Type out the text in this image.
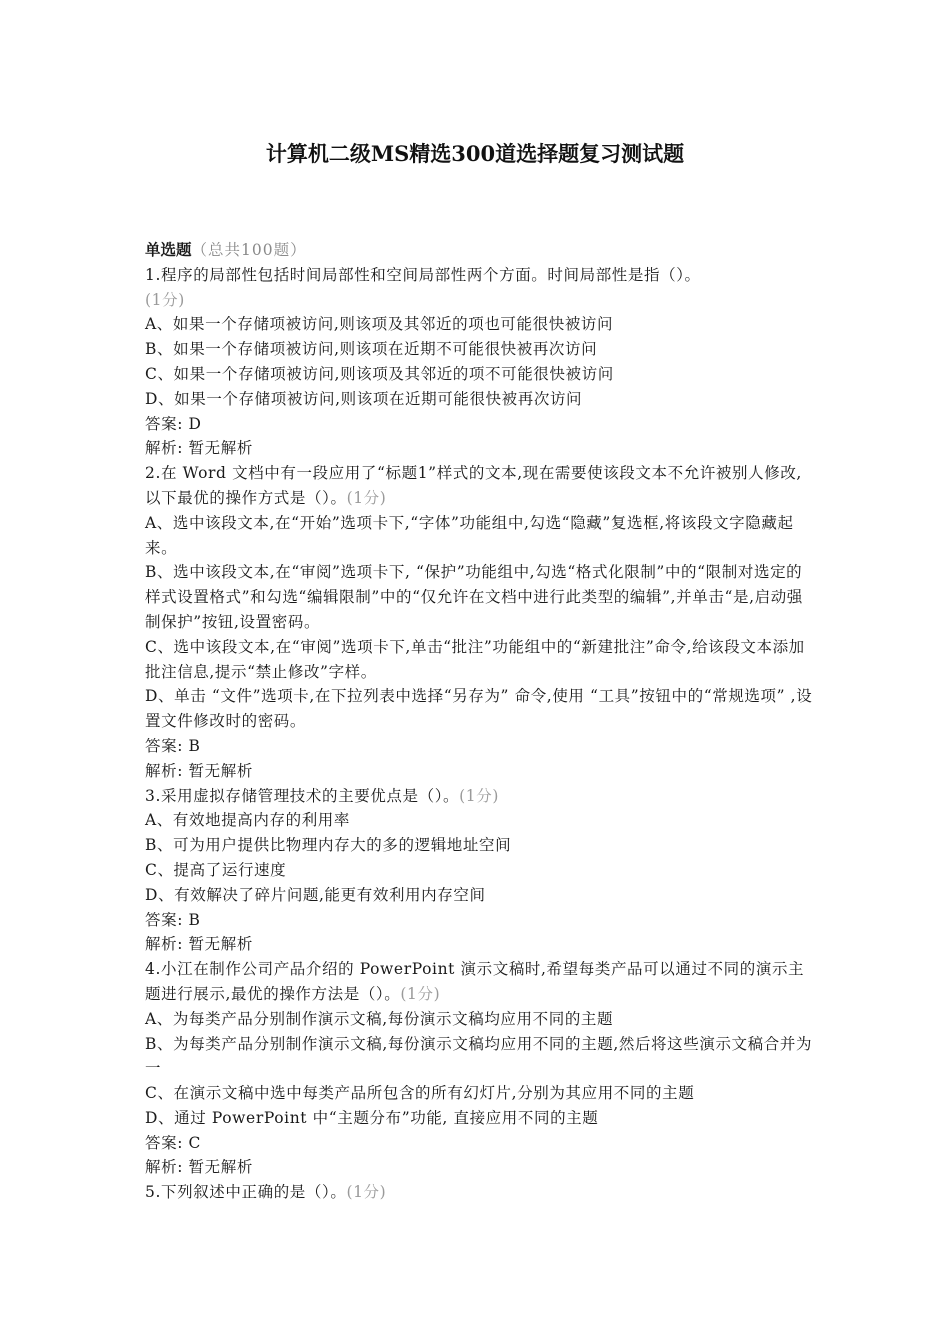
计算机二级MS精选300道选择题复习测试题
单选题（总共100题）
1.程序的局部性包括时间局部性和空间局部性两个方面。时间局部性是指（）。
(1分)
A、如果一个存储项被访问,则该项及其邻近的项也可能很快被访问
B、如果一个存储项被访问,则该项在近期不可能很快被再次访问
C、如果一个存储项被访问,则该项及其邻近的项不可能很快被访问
D、如果一个存储项被访问,则该项在近期可能很快被再次访问
答案: D
解析: 暂无解析
2.在 Word 文档中有一段应用了“标题1”样式的文本,现在需要使该段文本不允许被别人修改,以下最优的操作方式是（）。(1分)
A、选中该段文本,在“开始”选项卡下,“字体”功能组中,勾选“隐藏”复选框,将该段文字隐藏起来。
B、选中该段文本,在“审阅”选项卡下, “保护”功能组中,勾选“格式化限制”中的“限制对选定的样式设置格式”和勾选“编辑限制”中的“仅允许在文档中进行此类型的编辑”,并单击“是,启动强制保护”按钮,设置密码。
C、选中该段文本,在“审阅”选项卡下,单击“批注”功能组中的“新建批注”命令,给该段文本添加批注信息,提示“禁止修改”字样。
D、单击 “文件”选项卡,在下拉列表中选择“另存为” 命令,使用 “工具”按钮中的“常规选项” ,设置文件修改时的密码。
答案: B
解析: 暂无解析
3.采用虚拟存储管理技术的主要优点是（）。(1分)
A、有效地提高内存的利用率
B、可为用户提供比物理内存大的多的逻辑地址空间
C、提高了运行速度
D、有效解决了碎片问题,能更有效利用内存空间
答案: B
解析: 暂无解析
4.小江在制作公司产品介绍的 PowerPoint 演示文稿时,希望每类产品可以通过不同的演示主题进行展示,最优的操作方法是（）。(1分)
A、为每类产品分别制作演示文稿,每份演示文稿均应用不同的主题
B、为每类产品分别制作演示文稿,每份演示文稿均应用不同的主题,然后将这些演示文稿合并为一
C、在演示文稿中选中每类产品所包含的所有幻灯片,分别为其应用不同的主题
D、通过 PowerPoint 中“主题分布”功能, 直接应用不同的主题
答案: C
解析: 暂无解析
5.下列叙述中正确的是（）。(1分)
